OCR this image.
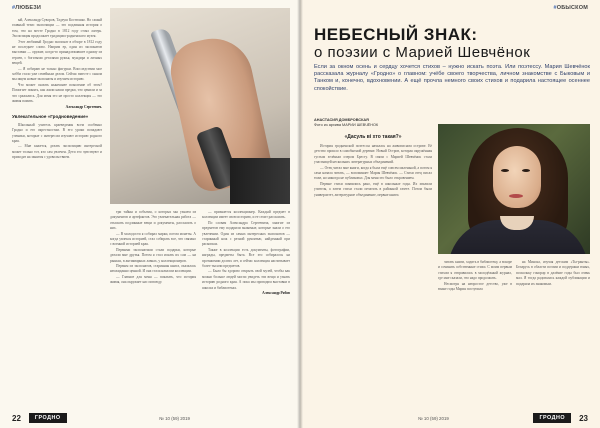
#ЛЮБЕЗИ

ый, Александр Суворов, Тадеуш Костюшко. Но самый главный тезис экспозиции — это подлинная история о том, что на месте Гродно в 1812 году стоял лагерь. Экспозиция продолжает традиции гродненского музея.

Этот любимый Гродно экспонат в обзоре в 1812 году не последнее слово. Наприм ер, один из экспонатов выставки — оружие, когда-то принадлежавшее одному из героев, с богатыми деталями ружья, мундира и личных вещей.

— Я собираю не только фигурки. Впоследствии мое хобби стало уже семейным делом. Сейчас вместе с сыном мы ищем новые экспонаты и изучаем историю.

Что может сказать нынешнее поколение об этом? Помогает понять, как жили наши предки, что ценили и за что сражались. Для меня это не просто коллекция — это живая память.

Александр Сергеевич.

Увлекательное «Гродноведение»

Школьный учитель краеведения всем особенно Гродно и его окрестностям. В его уроки попадают ученики, которые с интересом изучают историю родного края.

— Мне кажется, делать экспозицию интересной может только тот, кто сам увлечен. Дети это чувствуют и приходят на занятия с удовольствием.

три тайны и события, о которых мы узнаем из документов и артефактов. Это увлекательная работа — отыскать подлинные вещи и документы, рассказать о них.

— В молодости я собирал марки, потом монеты. А когда увлекся историей, стал собирать все, что связано с военной историей края.

Первыми экспонатами стали подарки, которые делали мне друзья. Потом я стал искать их сам — на рынках, в антикварных лавках, у коллекционеров.

Первым из экспонатов, старинная книга, оказалась неожиданно ценной. И она стала началом коллекции.

— Главное для меня — показать, что история живая, она окружает нас повсюду.

— признается коллекционер. Каждый предмет в коллекции имеет свою историю, и ее стоит рассказать.

По словам Александра Сергеевича, многие из предметов ему подарили знакомые, которые знали о его увлечении. Один из самых интересных экспонатов — старинный нож с резной рукоятью, найденный при раскопках.

Также в коллекции есть документы, фотографии, награды, предметы быта. Все это собиралось на протяжении долгих лет, и сейчас коллекция насчитывает более тысячи предметов.

— Было бы здорово открыть свой музей, чтобы как можно больше людей могли увидеть эти вещи и узнать историю родного края. А пока мы проводим выставки в школах и библиотеках.

Александр Рябов

22	ГРОДНО	№ 10 (59) 2019
#ОБЫСКОМ
НЕБЕСНЫЙ ЗНАК:
о поэзии с Марией Шевчёнок
Если за окном осень и сердцу хочется стихов – нужно искать поэта. Или поэтессу. Мария Шевчёнок рассказала журналу «Гродно» о главном: учёбе своего творчества, личном знакомстве с Быковым и Танком и, конечно, вдохновении. А ещё прочла немного своих стихов и подарила настоящее осеннее спокойствие.
АНАСТАСИЯ ДОМБРОВСКАЯ
Фото из архива МАРИИ ШЕВЧЁНОК
«Дасуль ві хто такая?»

История гродненской поэтессы началась на живописном острове. Её детство прошло в самобытной деревне. Новый Остров, которая окружённая густым зелёным озером Бресту. В связи с Марией Шевчёнок стала участницей нескольких литературных объединений.

— Отец читал мне книги, когда я была ещё совсем маленькой, а потом я сама начала читать, — вспоминает Мария Шевчёнок. — Стихи отец писал тоже, но никогда не публиковал. Для меня это было откровением.

Первые стихи появились рано, ещё в школьные годы. Их хвалили учителя, а затем стихи стали печатать в районной газете. Потом были университет, литературное объединение, первые книги.

читать книги, ходить в библиотеку, а вскоре и сочинять собственные стихи. С моим первым стихом я отправилась в молодёжный журнал, где мне сказали, что надо продолжать.

Несмотря на непростое детство, уже в юные годы Мария поступила

на Минска, изучая детским «Ты-ранты». Беларусь в области поэзии и поддержки юных, поскольку гонорар в далёкие годы был очень мал. Я тогда радовалась каждой публикации и подарила их знакомым.

№ 10 (59) 2019	ГРОДНО	23
